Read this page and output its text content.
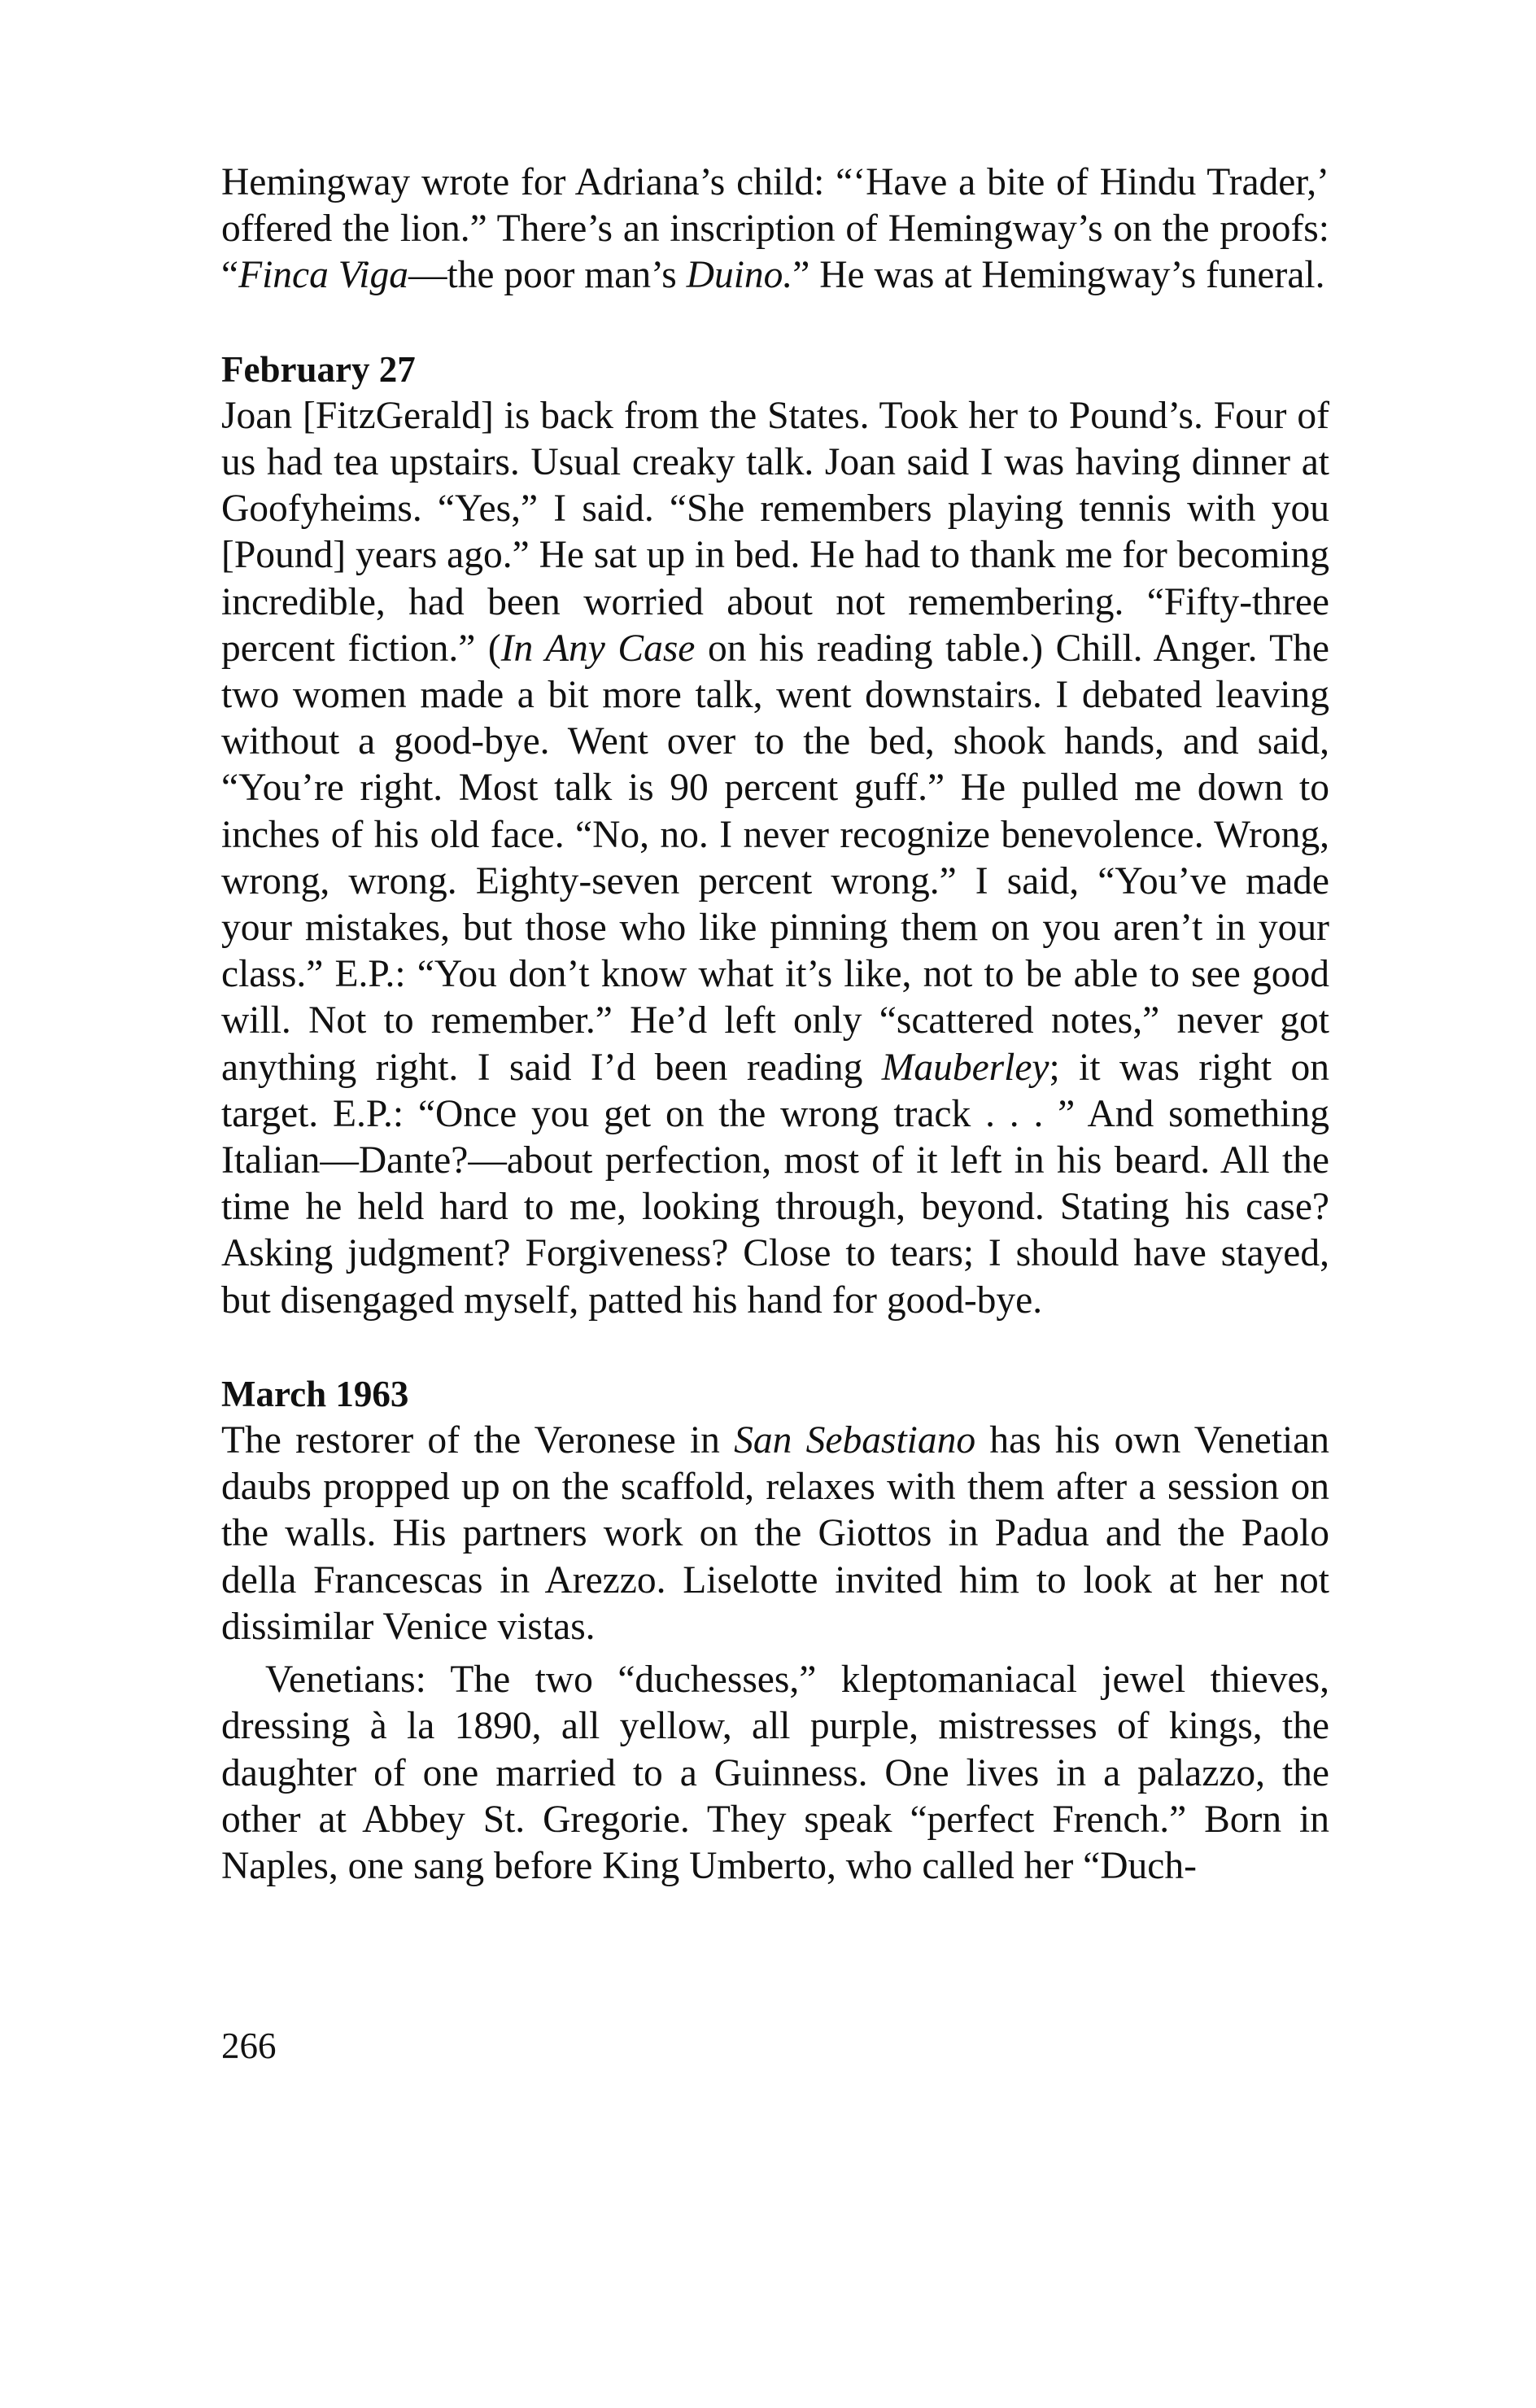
Hemingway wrote for Adriana’s child: “‘Have a bite of Hindu Trader,’ offered the lion.” There’s an inscription of Hemingway’s on the proofs: “Finca Viga—the poor man’s Duino.” He was at Hemingway’s funeral.

February 27

Joan [FitzGerald] is back from the States. Took her to Pound’s. Four of us had tea upstairs. Usual creaky talk. Joan said I was having dinner at Goofyheims. “Yes,” I said. “She remembers playing tennis with you [Pound] years ago.” He sat up in bed. He had to thank me for becoming incredible, had been worried about not remembering. “Fifty-three percent fiction.” (In Any Case on his reading table.) Chill. Anger. The two women made a bit more talk, went downstairs. I debated leaving without a good-bye. Went over to the bed, shook hands, and said, “You’re right. Most talk is 90 percent guff.” He pulled me down to inches of his old face. “No, no. I never recognize benevolence. Wrong, wrong, wrong. Eighty-seven percent wrong.” I said, “You’ve made your mistakes, but those who like pinning them on you aren’t in your class.” E.P.: “You don’t know what it’s like, not to be able to see good will. Not to remember.” He’d left only “scattered notes,” never got anything right. I said I’d been reading Mauberley; it was right on target. E.P.: “Once you get on the wrong track . . . ” And something Italian—Dante?—about perfection, most of it left in his beard. All the time he held hard to me, looking through, beyond. Stating his case? Asking judgment? Forgiveness? Close to tears; I should have stayed, but disengaged myself, patted his hand for good-bye.

March 1963

The restorer of the Veronese in San Sebastiano has his own Venetian daubs propped up on the scaffold, relaxes with them after a session on the walls. His partners work on the Giottos in Padua and the Paolo della Francescas in Arezzo. Liselotte invited him to look at her not dissimilar Venice vistas.

Venetians: The two “duchesses,” kleptomaniacal jewel thieves, dressing à la 1890, all yellow, all purple, mistresses of kings, the daughter of one married to a Guinness. One lives in a palazzo, the other at Abbey St. Gregorie. They speak “perfect French.” Born in Naples, one sang before King Umberto, who called her “Duch-

266
